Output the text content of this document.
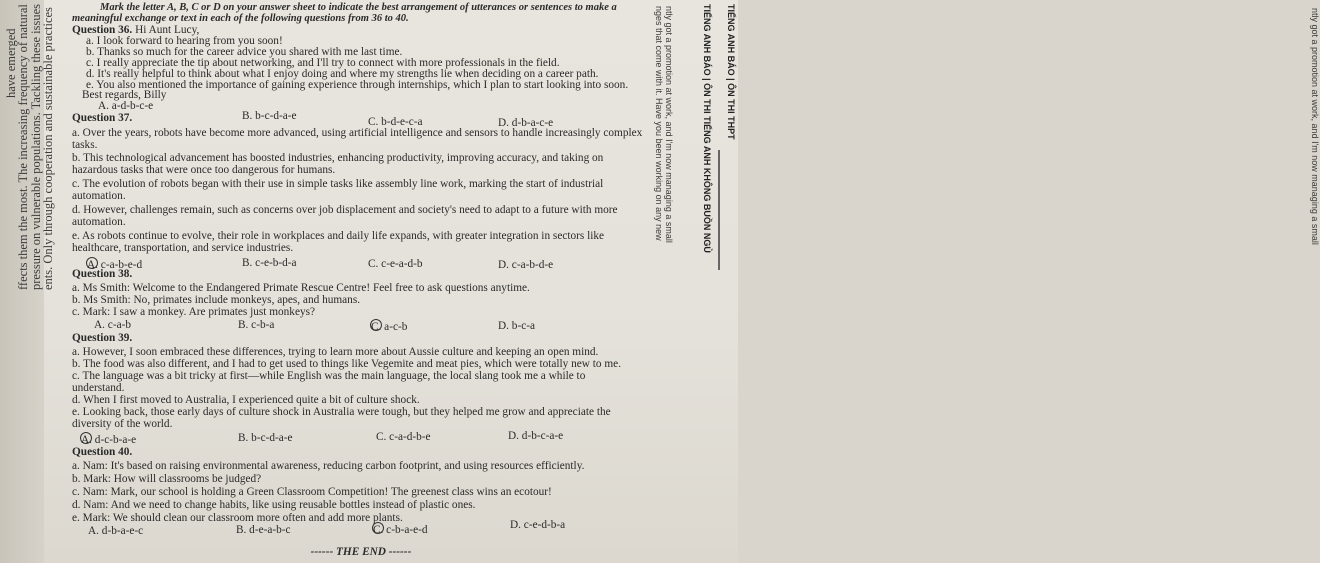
have emerged
ffects them the most. The increasing frequency of natural pressure on vulnerable populations. Tackling these issues
ents. Only through cooperation and sustainable practices	ntly got a promotion at work, and I'm now managing a small
ntly got a promotion at work, and I'm now managing a small
nges that come with it. Have you been working on any new	TIẾNG ANH BÁO | ÔN THI TIẾNG ANH KHÔNG BUỒN NGỦ TIẾNG ANH BÁO | ÔN THI THPT
Mark the letter A, B, C or D on your answer sheet to indicate the best arrangement of utterances or sentences to make a
meaningful exchange or text in each of the following questions from 36 to 40.
Question 36. Hi Aunt Lucy,
a. I look forward to hearing from you soon!
b. Thanks so much for the career advice you shared with me last time.
c. I really appreciate the tip about networking, and I'll try to connect with more professionals in the field.
d. It's really helpful to think about what I enjoy doing and where my strengths lie when deciding on a career path.
e. You also mentioned the importance of gaining experience through internships, which I plan to start looking into soon.
Best regards, Billy
A. a-d-b-c-e
B. b-c-d-a-e	C. b-d-e-c-a	D. d-b-a-c-e
Question 37.
a. Over the years, robots have become more advanced, using artificial intelligence and sensors to handle increasingly complex
tasks.
b. This technological advancement has boosted industries, enhancing productivity, improving accuracy, and taking on
hazardous tasks that were once too dangerous for humans.
c. The evolution of robots began with their use in simple tasks like assembly line work, marking the start of industrial
automation.
d. However, challenges remain, such as concerns over job displacement and society's need to adapt to a future with more
automation.
e. As robots continue to evolve, their role in workplaces and daily life expands, with greater integration in sectors like
healthcare, transportation, and service industries.
A. c-a-b-e-d	B. c-e-b-d-a	C. c-e-a-d-b	D. c-a-b-d-e
Question 38.
a. Ms Smith: Welcome to the Endangered Primate Rescue Centre! Feel free to ask questions anytime.
b. Ms Smith: No, primates include monkeys, apes, and humans.
c. Mark: I saw a monkey. Are primates just monkeys?
A. c-a-b	B. c-b-a	C. a-c-b	D. b-c-a
Question 39.
a. However, I soon embraced these differences, trying to learn more about Aussie culture and keeping an open mind.
b. The food was also different, and I had to get used to things like Vegemite and meat pies, which were totally new to me.
c. The language was a bit tricky at first—while English was the main language, the local slang took me a while to
understand.
d. When I first moved to Australia, I experienced quite a bit of culture shock.
e. Looking back, those early days of culture shock in Australia were tough, but they helped me grow and appreciate the
diversity of the world.
A. d-c-b-a-e	B. b-c-d-a-e	C. c-a-d-b-e	D. d-b-c-a-e
Question 40.
a. Nam: It's based on raising environmental awareness, reducing carbon footprint, and using resources efficiently.
b. Mark: How will classrooms be judged?
c. Nam: Mark, our school is holding a Green Classroom Competition! The greenest class wins an ecotour!
d. Nam: And we need to change habits, like using reusable bottles instead of plastic ones.
e. Mark: We should clean our classroom more often and add more plants.
A. d-b-a-e-c	B. d-e-a-b-c	C. c-b-a-e-d	D. c-e-d-b-a
------ THE END ------
